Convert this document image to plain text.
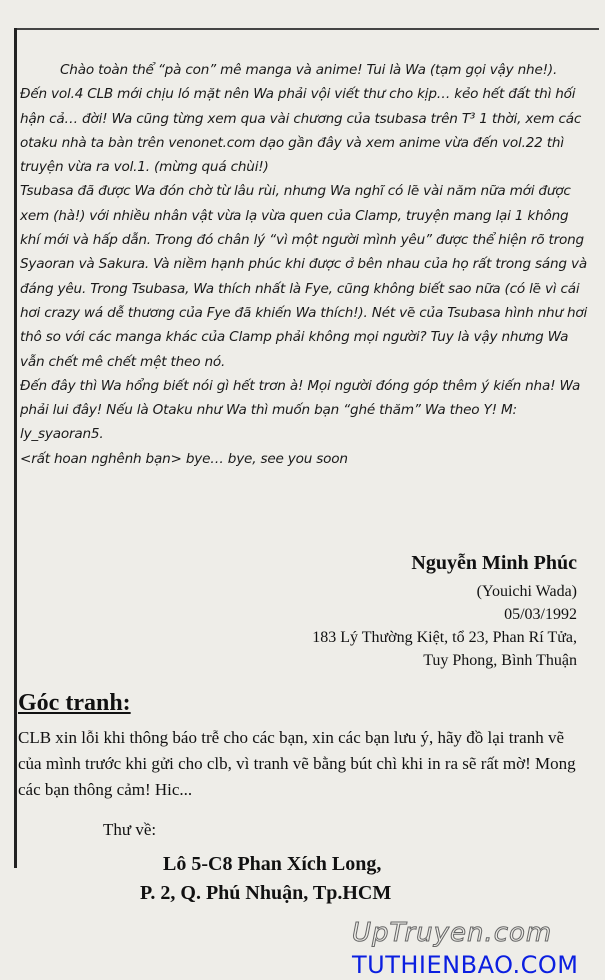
Chào toàn thể “pà con” mê manga và anime! Tui là Wa (tạm gọi vậy nhe!). Đến vol.4 CLB mới chịu ló mặt nên Wa phải vội viết thư cho kịp… kẻo hết đất thì hối hận cả… đời! Wa cũng từng xem qua vài chương của tsubasa trên T³ 1 thời, xem các otaku nhà ta bàn trên venonet.com dạo gần đây và xem anime vừa đến vol.22 thì truyện vừa ra vol.1. (mừng quá chùi!)

Tsubasa đã được Wa đón chờ từ lâu rùi, nhưng Wa nghĩ có lẽ vài năm nữa mới được xem (hà!) với nhiều nhân vật vừa lạ vừa quen của Clamp, truyện mang lại 1 không khí mới và hấp dẫn. Trong đó chân lý “vì một người mình yêu” được thể hiện rõ trong Syaoran và Sakura. Và niềm hạnh phúc khi được ở bên nhau của họ rất trong sáng và đáng yêu. Trong Tsubasa, Wa thích nhất là Fye, cũng không biết sao nữa (có lẽ vì cái hơi crazy wá dễ thương của Fye đã khiến Wa thích!). Nét vẽ của Tsubasa hình như hơi thô so với các manga khác của Clamp phải không mọi người? Tuy là vậy nhưng Wa vẫn chết mê chết mệt theo nó.

Đến đây thì Wa hổng biết nói gì hết trơn à! Mọi người đóng góp thêm ý kiến nha! Wa phải lui đây! Nếu là Otaku như Wa thì muốn bạn “ghé thăm” Wa theo Y! M: ly_syaoran5.

<rất hoan nghênh bạn> bye… bye, see you soon

Nguyễn Minh Phúc
(Youichi Wada)
05/03/1992
183 Lý Thường Kiệt, tổ 23, Phan Rí Tửa,
Tuy Phong, Bình Thuận
Góc tranh:
CLB xin lỗi khi thông báo trễ cho các bạn, xin các bạn lưu ý, hãy đồ lại tranh vẽ của mình trước khi gửi cho clb, vì tranh vẽ bằng bút chì khi in ra sẽ rất mờ! Mong các bạn thông cảm! Hic...
Thư về:
Lô 5-C8 Phan Xích Long,
P. 2, Q. Phú Nhuận, Tp.HCM
UpTruyen.com
TUTHIENBAO.COM
